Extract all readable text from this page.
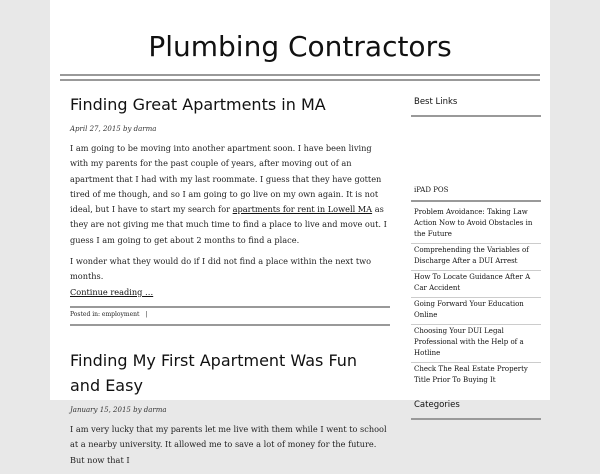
Plumbing Contractors
Finding Great Apartments in MA
April 27, 2015 by darma

I am going to be moving into another apartment soon. I have been living with my parents for the past couple of years, after moving out of an apartment that I had with my last roommate. I guess that they have gotten tired of me though, and so I am going to go live on my own again. It is not ideal, but I have to start my search for apartments for rent in Lowell MA as they are not giving me that much time to find a place to live and move out. I guess I am going to get about 2 months to find a place.

I wonder what they would do if I did not find a place within the next two months.
Continue reading …

Posted in: employment |
Finding My First Apartment Was Fun and Easy
January 15, 2015 by darma

I am very lucky that my parents let me live with them while I went to school at a nearby university. It allowed me to save a lot of money for the future. But now that I

Best Links
iPAD POS
Problem Avoidance: Taking Law Action Now to Avoid Obstacles in the Future
Comprehending the Variables of Discharge After a DUI Arrest
How To Locate Guidance After A Car Accident
Going Forward Your Education Online
Choosing Your DUI Legal Professional with the Help of a Hotline
Check The Real Estate Property Title Prior To Buying It
Categories
